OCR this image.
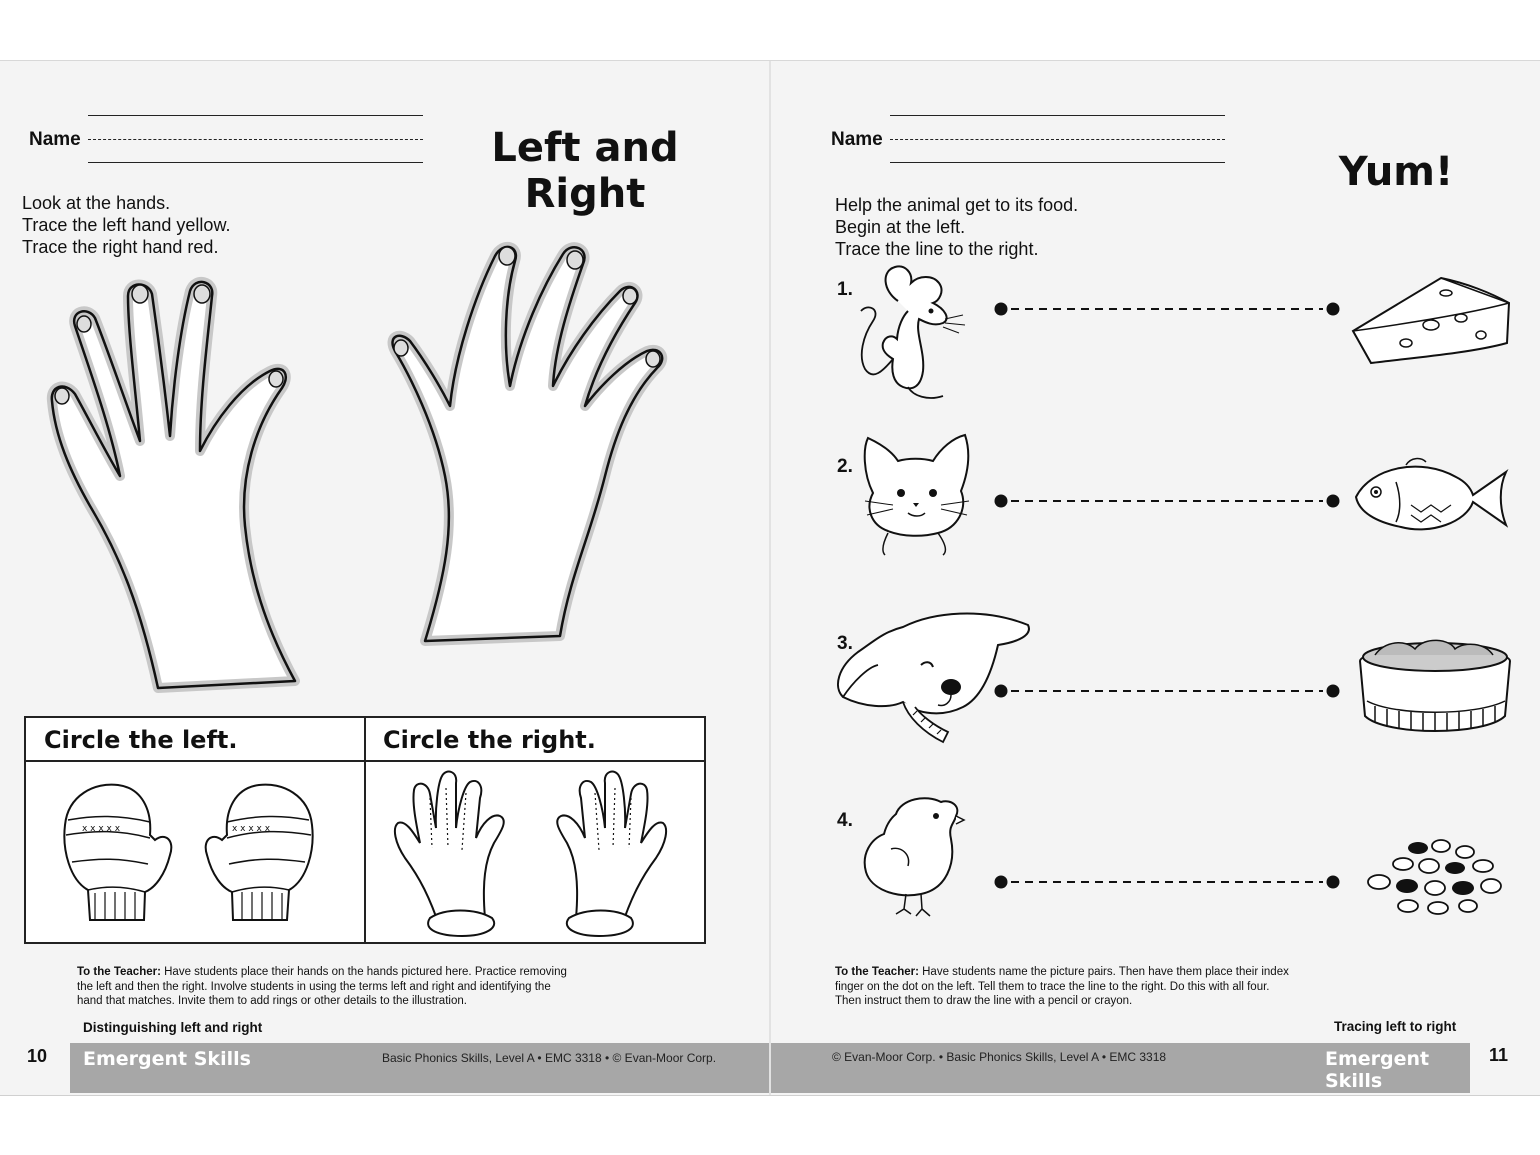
Name	Left and Right
Look at the hands.
Trace the left hand yellow.
Trace the right hand red.
Circle the left.	Circle the right.
x x x x x	x x x x x
To the Teacher: Have students place their hands on the hands pictured here. Practice removing
the left and then the right. Involve students in using the terms left and right and identifying the
hand that matches. Invite them to add rings or other details to the illustration.
Distinguishing left and right
10 Emergent Skills	Basic Phonics Skills, Level A • EMC 3318 • © Evan-Moor Corp.
Name
Yum!
Help the animal get to its food.
Begin at the left.
Trace the line to the right.
1.
2.
3.
4.
To the Teacher: Have students name the picture pairs. Then have them place their index
finger on the dot on the left. Tell them to trace the line to the right. Do this with all four.
Then instruct them to draw the line with a pencil or crayon.
Tracing left to right
© Evan-Moor Corp. • Basic Phonics Skills, Level A • EMC 3318	Emergent Skills
11
